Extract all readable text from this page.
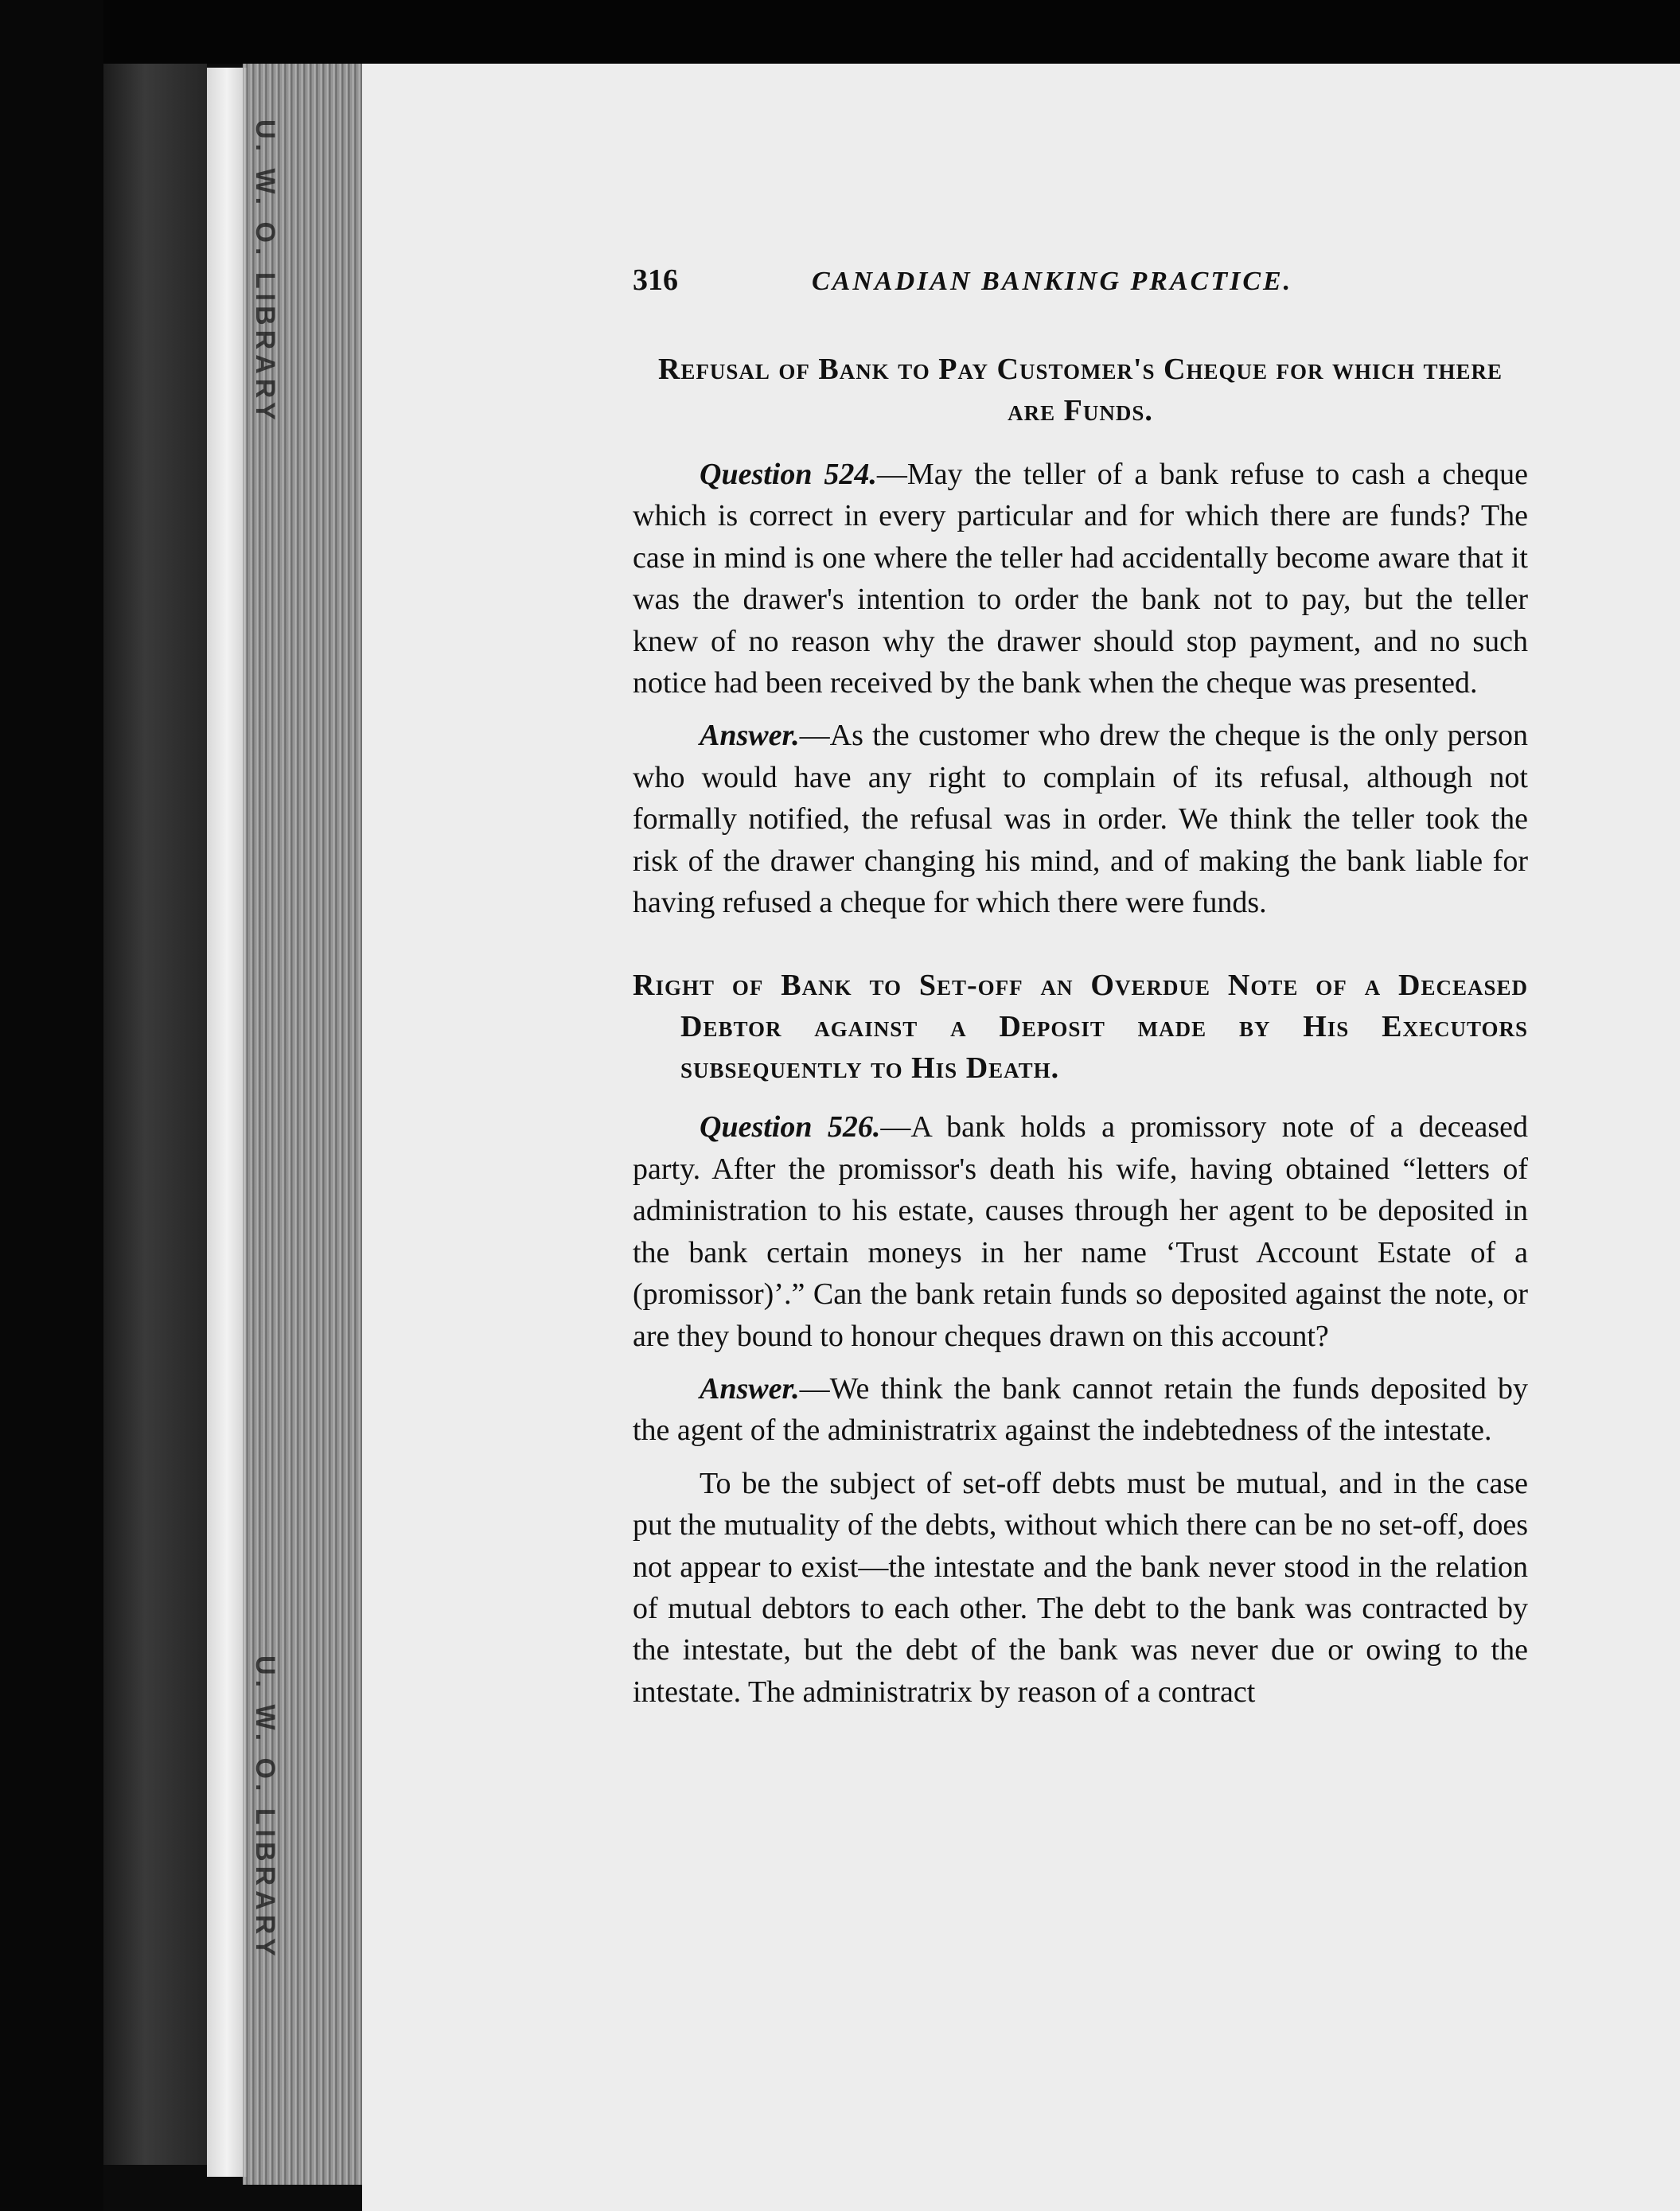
U. W. O. LIBRARY
U. W. O. LIBRARY
316	CANADIAN BANKING PRACTICE.
Refusal of Bank to Pay Customer's Cheque for which there are Funds.

Question 524.—May the teller of a bank refuse to cash a cheque which is correct in every particular and for which there are funds? The case in mind is one where the teller had accidentally become aware that it was the drawer's intention to order the bank not to pay, but the teller knew of no reason why the drawer should stop payment, and no such notice had been received by the bank when the cheque was presented.

Answer.—As the customer who drew the cheque is the only person who would have any right to complain of its refusal, although not formally notified, the refusal was in order. We think the teller took the risk of the drawer changing his mind, and of making the bank liable for having refused a cheque for which there were funds.

Right of Bank to Set-off an Overdue Note of a Deceased Debtor against a Deposit made by His Executors subsequently to His Death.

Question 526.—A bank holds a promissory note of a deceased party. After the promissor's death his wife, having obtained “letters of administration to his estate, causes through her agent to be deposited in the bank certain moneys in her name ‘Trust Account Estate of a (promissor)’.” Can the bank retain funds so deposited against the note, or are they bound to honour cheques drawn on this account?

Answer.—We think the bank cannot retain the funds deposited by the agent of the administratrix against the indebtedness of the intestate.

To be the subject of set-off debts must be mutual, and in the case put the mutuality of the debts, without which there can be no set-off, does not appear to exist—the intestate and the bank never stood in the relation of mutual debtors to each other. The debt to the bank was contracted by the intestate, but the debt of the bank was never due or owing to the intestate. The administratrix by reason of a contract
